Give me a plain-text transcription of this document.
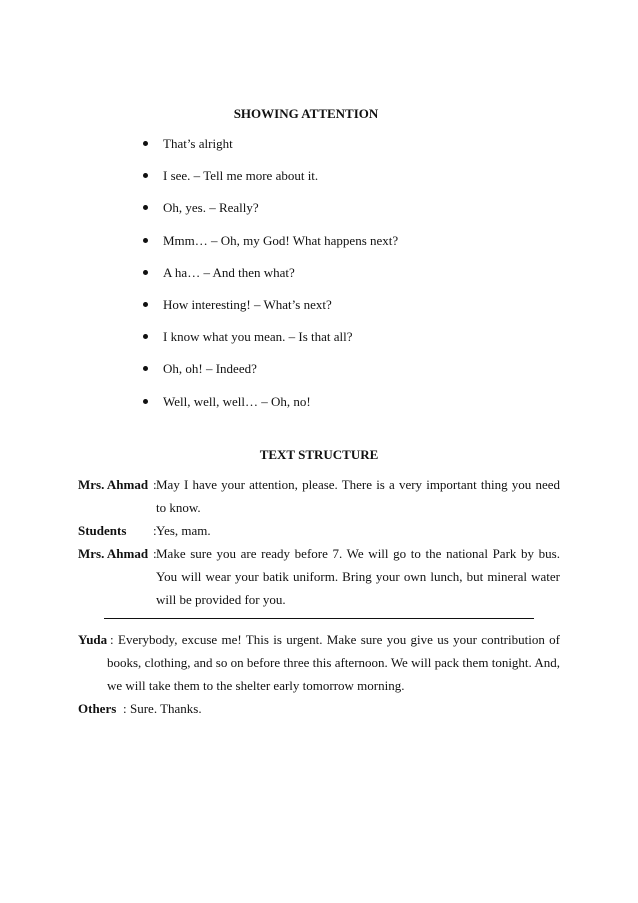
SHOWING ATTENTION
That’s alright
I see. – Tell me more about it.
Oh, yes. – Really?
Mmm… – Oh, my God! What happens next?
A ha… – And then what?
How interesting! – What’s next?
I know what you mean. – Is that all?
Oh, oh! – Indeed?
Well, well, well… – Oh, no!
TEXT STRUCTURE
Mrs. Ahmad : May I have your attention, please. There is a very important thing you need to know.
Students : Yes, mam.
Mrs. Ahmad : Make sure you are ready before 7. We will go to the national Park by bus. You will wear your batik uniform. Bring your own lunch, but mineral water will be provided for you.
Yuda : Everybody, excuse me! This is urgent. Make sure you give us your contribution of books, clothing, and so on before three this afternoon. We will pack them tonight. And, we will take them to the shelter early tomorrow morning.
Others : Sure. Thanks.
